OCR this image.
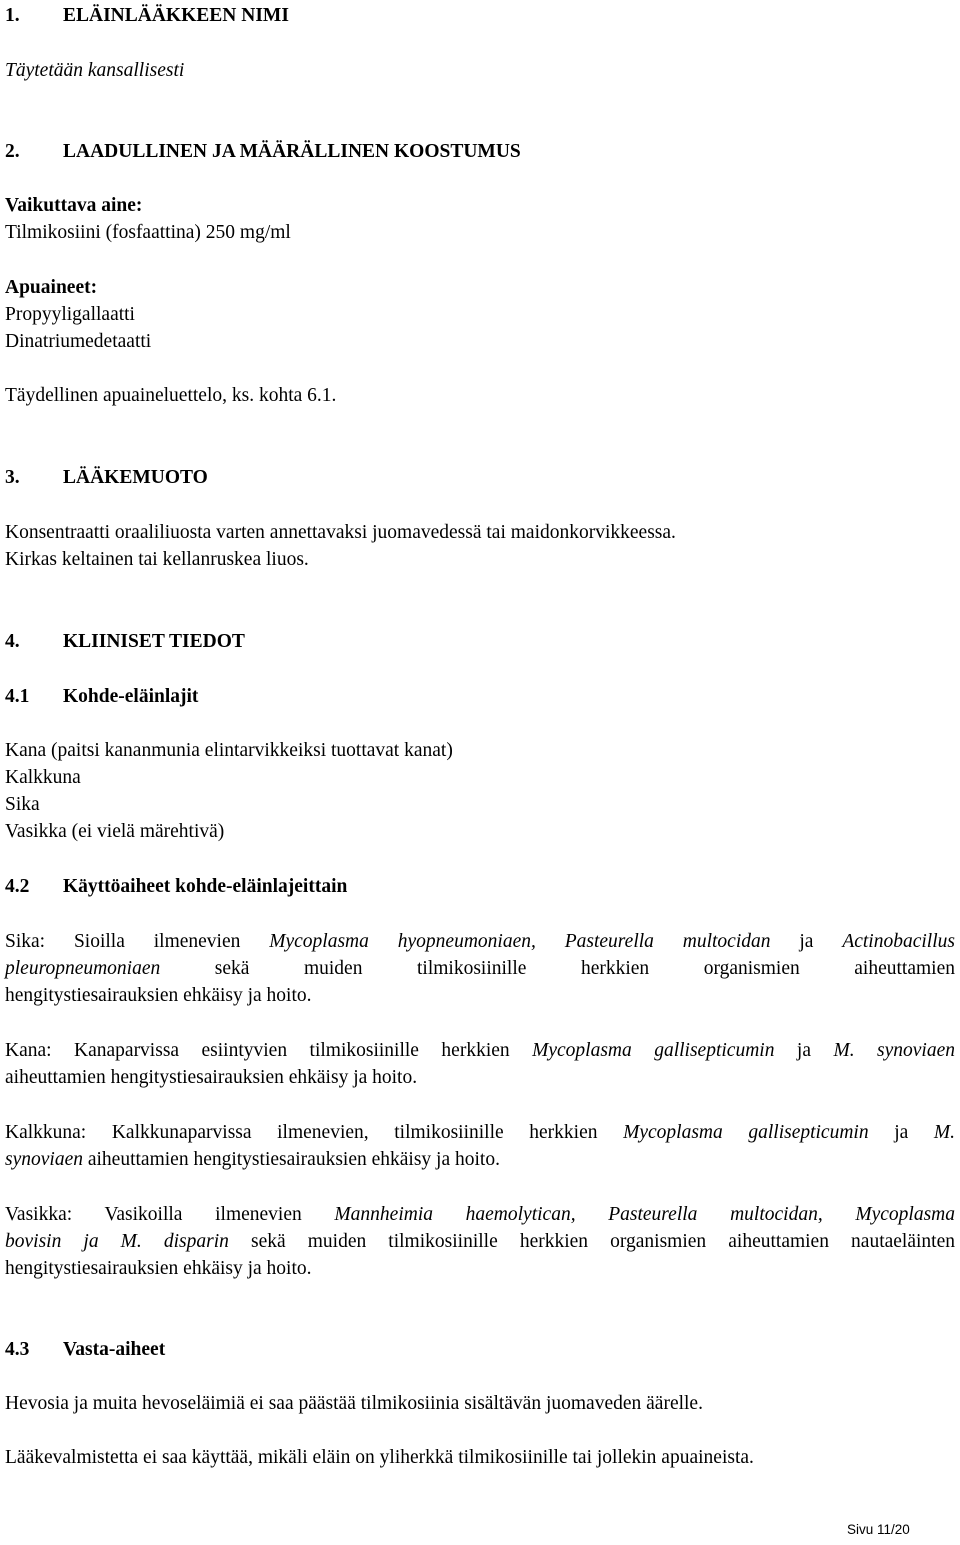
1. ELÄINLÄÄKKEEN NIMI
Täytetään kansallisesti
2. LAADULLINEN JA MÄÄRÄLLINEN KOOSTUMUS
Vaikuttava aine:
Tilmikosiini (fosfaattina) 250 mg/ml
Apuaineet:
Propyyligallaatti
Dinatriumedetaatti
Täydellinen apuaineluettelo, ks. kohta 6.1.
3. LÄÄKEMUOTO
Konsentraatti oraaliliuosta varten annettavaksi juomavedessä tai maidonkorvikkeessa.
Kirkas keltainen tai kellanruskea liuos.
4. KLIINISET TIEDOT
4.1 Kohde-eläinlajit
Kana (paitsi kananmunia elintarvikkeiksi tuottavat kanat)
Kalkkuna
Sika
Vasikka (ei vielä märehtivä)
4.2 Käyttöaiheet kohde-eläinlajeittain
Sika: Sioilla ilmenevien Mycoplasma hyopneumoniaen, Pasteurella multocidan ja Actinobacillus
pleuropneumoniaen sekä muiden tilmikosiinille herkkien organismien aiheuttamien
hengitystiesairauksien ehkäisy ja hoito.
Kana: Kanaparvissa esiintyvien tilmikosiinille herkkien Mycoplasma gallisepticumin ja M. synoviaen
aiheuttamien hengitystiesairauksien ehkäisy ja hoito.
Kalkkuna: Kalkkunaparvissa ilmenevien, tilmikosiinille herkkien Mycoplasma gallisepticumin ja M.
synoviaen aiheuttamien hengitystiesairauksien ehkäisy ja hoito.
Vasikka: Vasikoilla ilmenevien Mannheimia haemolytican, Pasteurella multocidan, Mycoplasma
bovisin ja M. disparin sekä muiden tilmikosiinille herkkien organismien aiheuttamien nautaeläinten
hengitystiesairauksien ehkäisy ja hoito.
4.3 Vasta-aiheet
Hevosia ja muita hevoseläimiä ei saa päästää tilmikosiinia sisältävän juomaveden äärelle.
Lääkevalmistetta ei saa käyttää, mikäli eläin on yliherkkä tilmikosiinille tai jollekin apuaineista.
Sivu 11/20
